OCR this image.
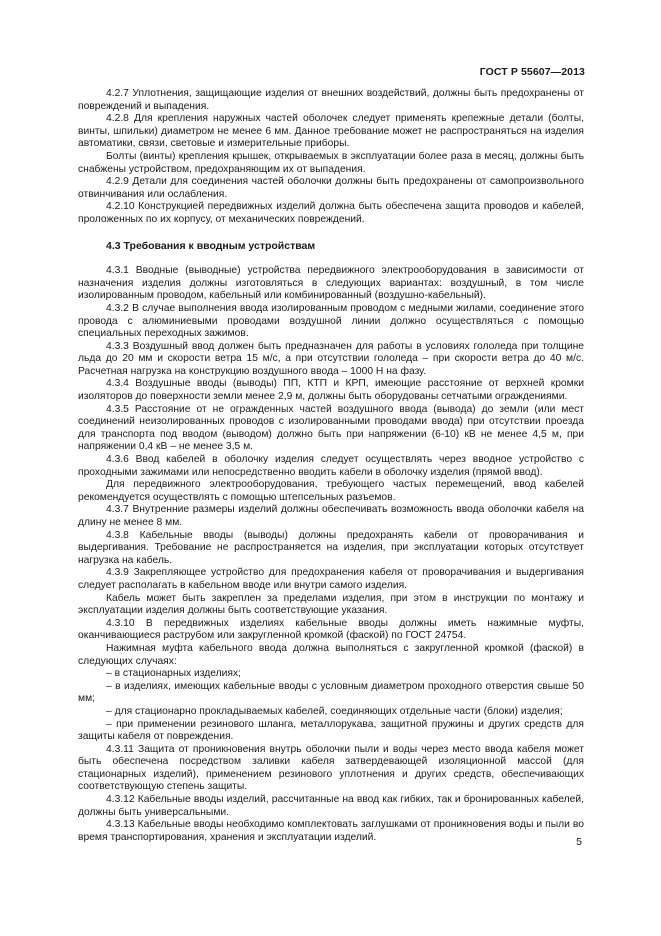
ГОСТ Р 55607—2013

4.2.7 Уплотнения, защищающие изделия от внешних воздействий, должны быть предохранены от повреждений и выпадения.

4.2.8 Для крепления наружных частей оболочек следует применять крепежные детали (болты, винты, шпильки) диаметром не менее 6 мм. Данное требование может не распространяться на изделия автоматики, связи, световые и измерительные приборы.

Болты (винты) крепления крышек, открываемых в эксплуатации более раза в месяц, должны быть снабжены устройством, предохраняющим их от выпадения.

4.2.9 Детали для соединения частей оболочки должны быть предохранены от самопроизвольного отвинчивания или ослабления.

4.2.10 Конструкцией передвижных изделий должна быть обеспечена защита проводов и кабелей, проложенных по их корпусу, от механических повреждений.

4.3 Требования к вводным устройствам

4.3.1 Вводные (выводные) устройства передвижного электрооборудования в зависимости от назначения изделия должны изготовляться в следующих вариантах: воздушный, в том числе изолированным проводом, кабельный или комбинированный (воздушно-кабельный).

4.3.2 В случае выполнения ввода изолированным проводом с медными жилами, соединение этого провода с алюминиевыми проводами воздушной линии должно осуществляться с помощью специальных переходных зажимов.

4.3.3 Воздушный ввод должен быть предназначен для работы в условиях гололеда при толщине льда до 20 мм и скорости ветра 15 м/с, а при отсутствии гололеда – при скорости ветра до 40 м/с. Расчетная нагрузка на конструкцию воздушного ввода – 1000 Н на фазу.

4.3.4 Воздушные вводы (выводы) ПП, КТП и КРП, имеющие расстояние от верхней кромки изоляторов до поверхности земли менее 2,9 м, должны быть оборудованы сетчатыми ограждениями.

4.3.5 Расстояние от не огражденных частей воздушного ввода (вывода) до земли (или мест соединений неизолированных проводов с изолированными проводами ввода) при отсутствии проезда для транспорта под вводом (выводом) должно быть при напряжении (6-10) кВ не менее 4,5 м, при напряжении 0,4 кВ – не менее 3,5 м.

4.3.6 Ввод кабелей в оболочку изделия следует осуществлять через вводное устройство с проходными зажимами или непосредственно вводить кабели в оболочку изделия (прямой ввод).

Для передвижного электрооборудования, требующего частых перемещений, ввод кабелей рекомендуется осуществлять с помощью штепсельных разъемов.

4.3.7 Внутренние размеры изделий должны обеспечивать возможность ввода оболочки кабеля на длину не менее 8 мм.

4.3.8 Кабельные вводы (выводы) должны предохранять кабели от проворачивания и выдергивания. Требование не распространяется на изделия, при эксплуатации которых отсутствует нагрузка на кабель.

4.3.9 Закрепляющее устройство для предохранения кабеля от проворачивания и выдергивания следует располагать в кабельном вводе или внутри самого изделия.

Кабель может быть закреплен за пределами изделия, при этом в инструкции по монтажу и эксплуатации изделия должны быть соответствующие указания.

4.3.10 В передвижных изделиях кабельные вводы должны иметь нажимные муфты, оканчивающиеся раструбом или закругленной кромкой (фаской) по ГОСТ 24754.

Нажимная муфта кабельного ввода должна выполняться с закругленной кромкой (фаской) в следующих случаях:

– в стационарных изделиях;

– в изделиях, имеющих кабельные вводы с условным диаметром проходного отверстия свыше 50 мм;

– для стационарно прокладываемых кабелей, соединяющих отдельные части (блоки) изделия;

– при применении резинового шланга, металлорукава, защитной пружины и других средств для защиты кабеля от повреждения.

4.3.11 Защита от проникновения внутрь оболочки пыли и воды через место ввода кабеля может быть обеспечена посредством заливки кабеля затвердевающей изоляционной массой (для стационарных изделий), применением резинового уплотнения и других средств, обеспечивающих соответствующую степень защиты.

4.3.12 Кабельные вводы изделий, рассчитанные на ввод как гибких, так и бронированных кабелей, должны быть универсальными.

4.3.13 Кабельные вводы необходимо комплектовать заглушками от проникновения воды и пыли во время транспортирования, хранения и эксплуатации изделий.	5
